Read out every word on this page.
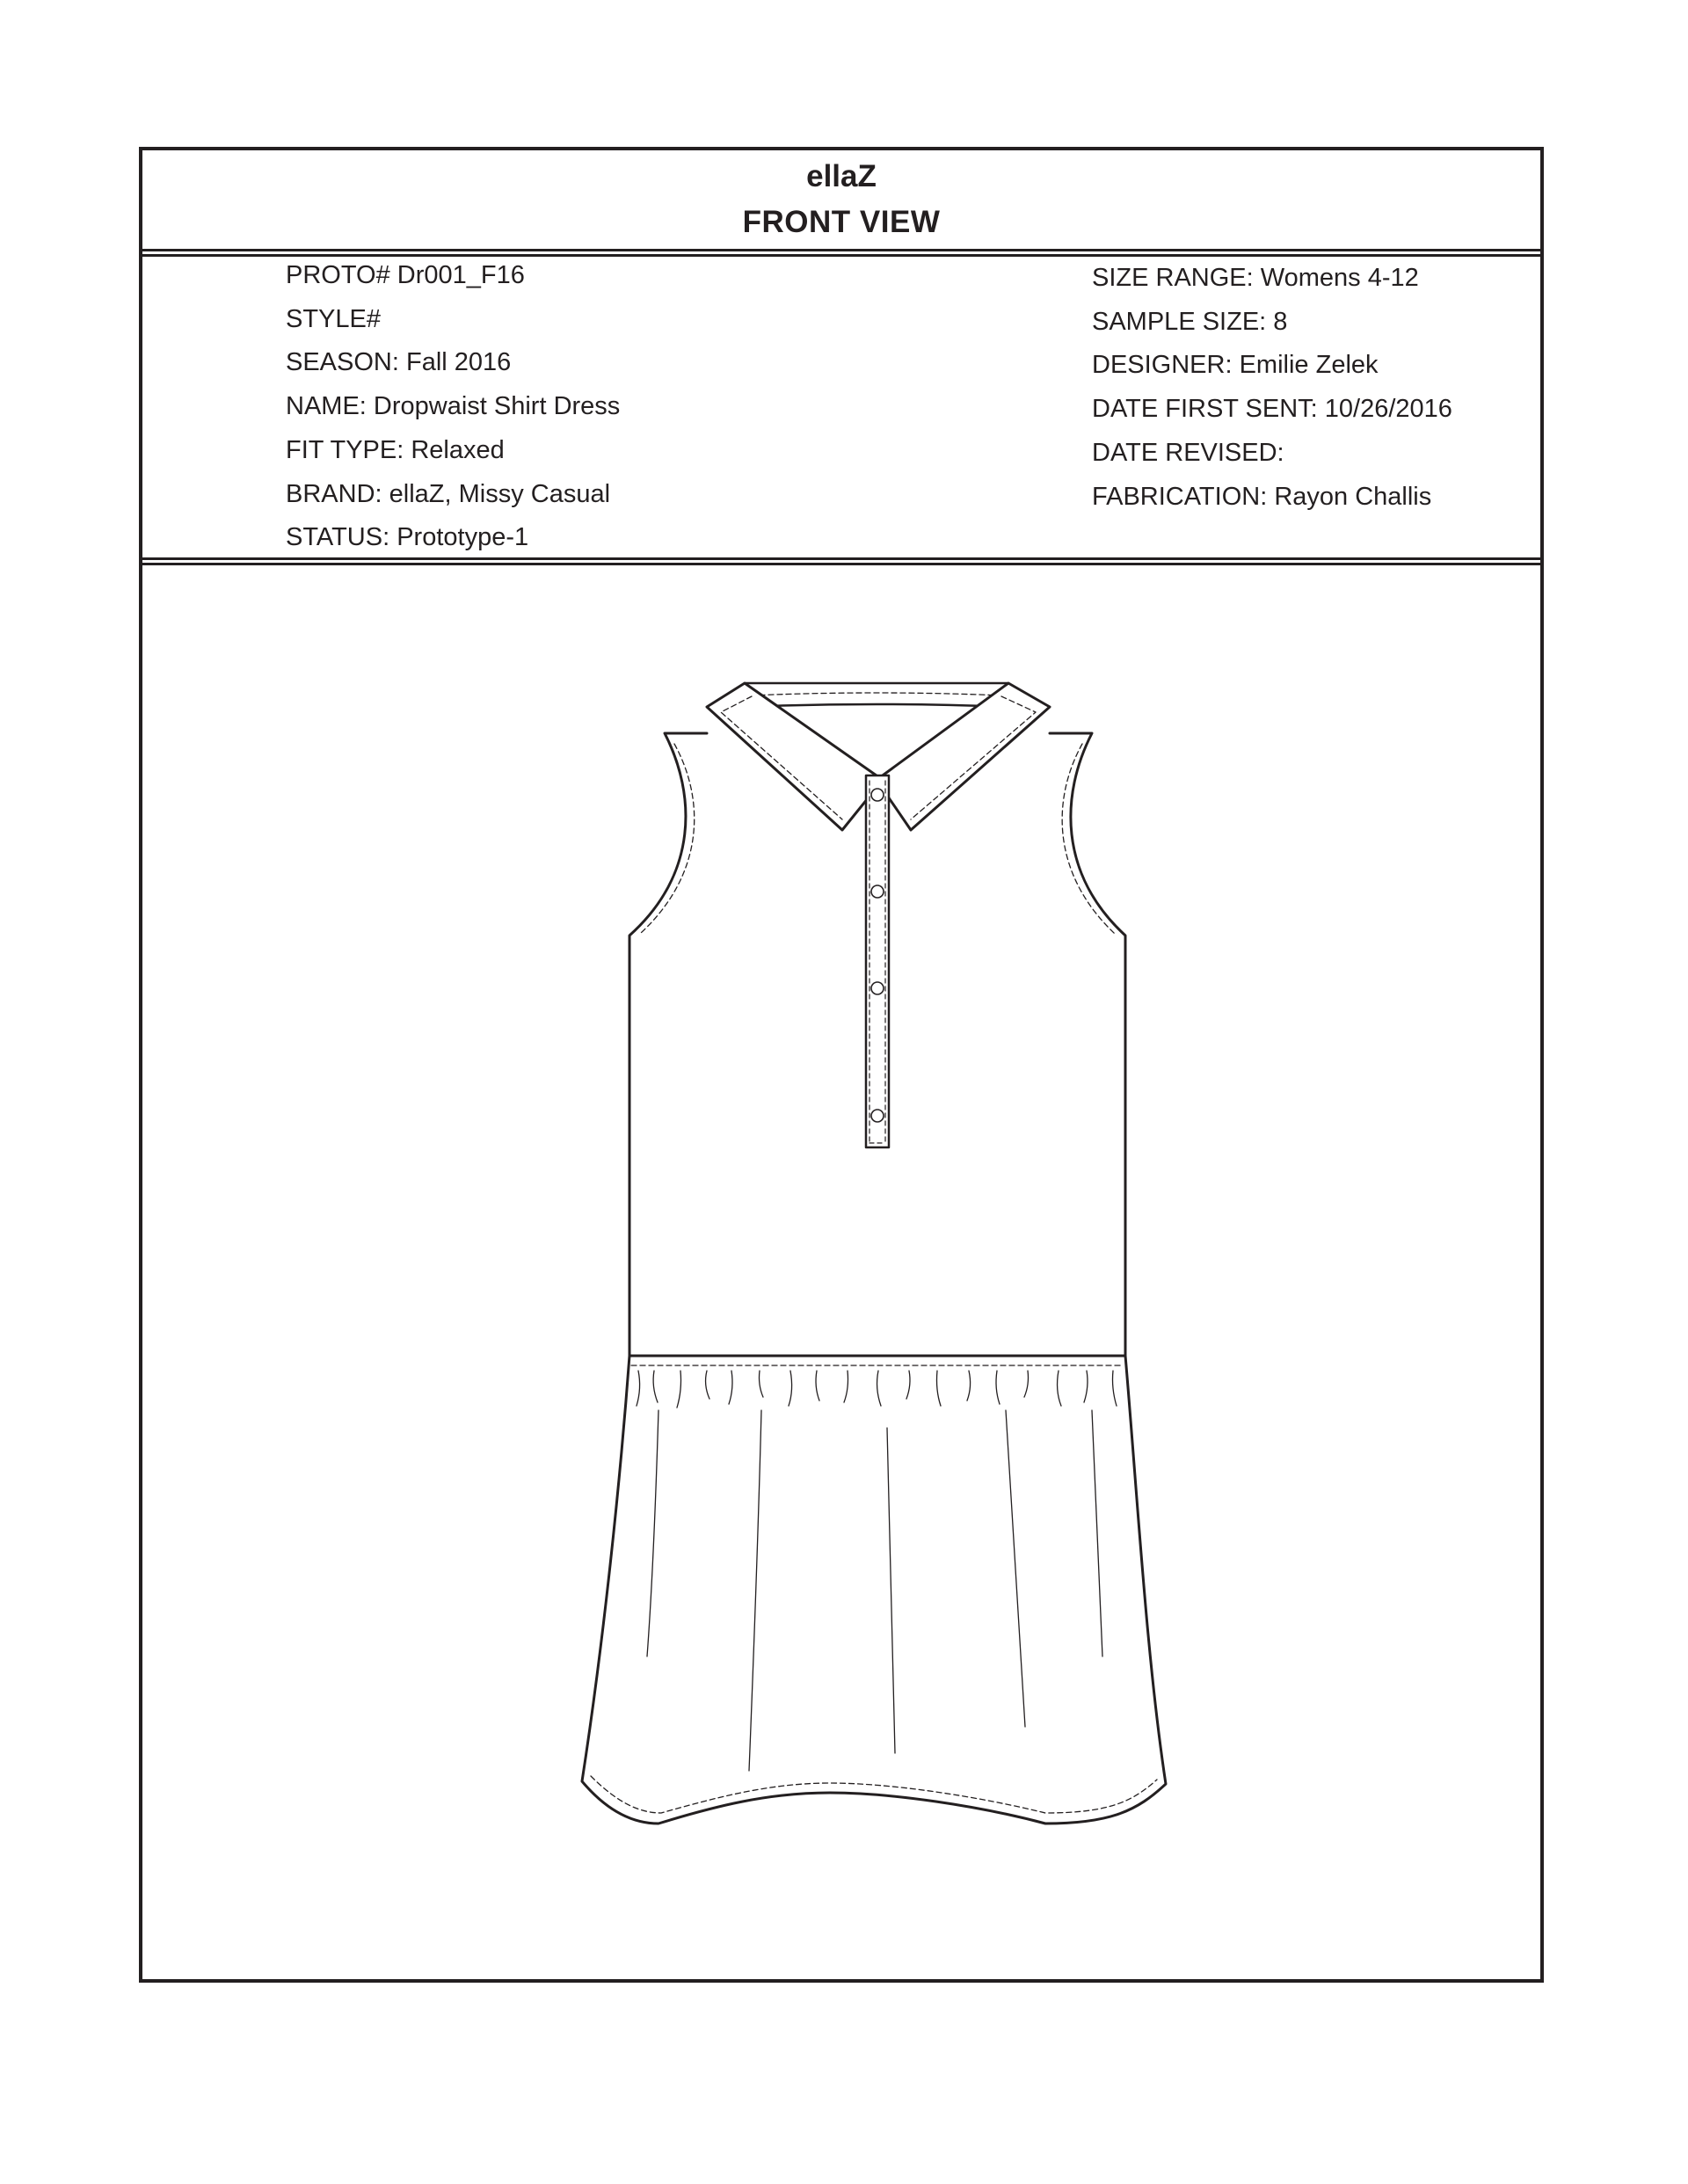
ellaZ
FRONT VIEW
PROTO# Dr001_F16
STYLE#
SEASON: Fall 2016
NAME: Dropwaist Shirt Dress
FIT TYPE: Relaxed
BRAND: ellaZ, Missy Casual
STATUS: Prototype-1
SIZE RANGE: Womens 4-12
SAMPLE SIZE: 8
DESIGNER: Emilie Zelek
DATE FIRST SENT: 10/26/2016
DATE REVISED:
FABRICATION: Rayon Challis
